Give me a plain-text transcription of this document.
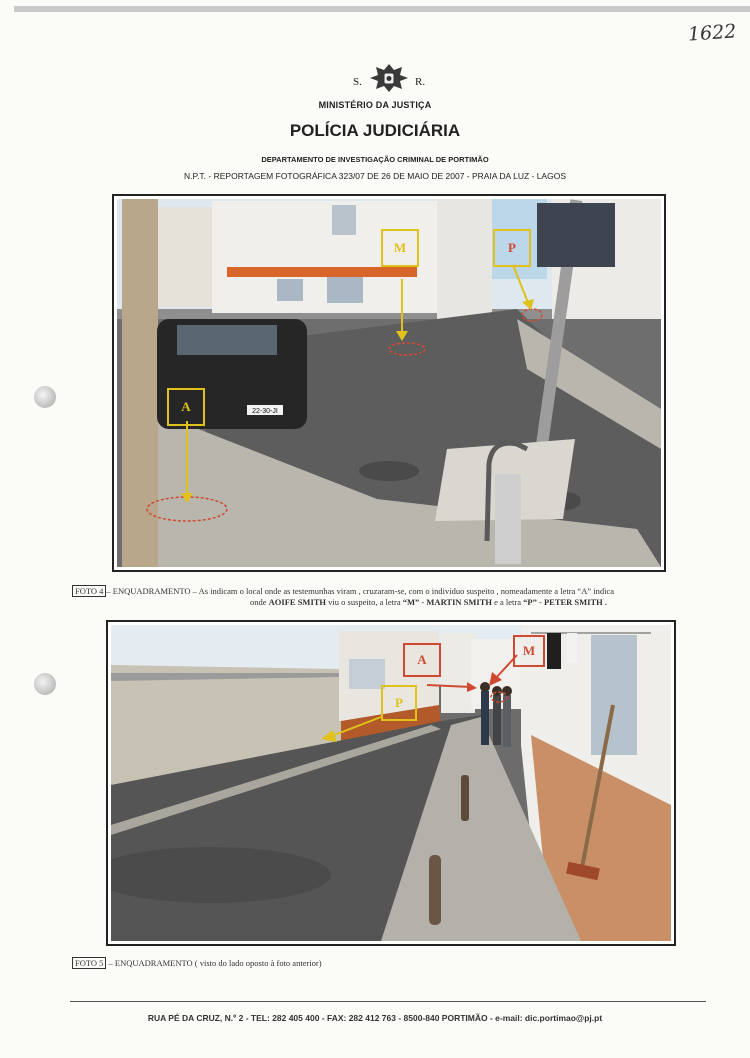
1622
S.	R.
MINISTÉRIO DA JUSTIÇA
POLÍCIA JUDICIÁRIA
DEPARTAMENTO DE INVESTIGAÇÃO CRIMINAL DE PORTIMÃO
N.P.T. - REPORTAGEM FOTOGRÁFICA 323/07 DE 26 DE MAIO DE 2007 - PRAIA DA LUZ - LAGOS
22-30-JI
A
M	P
FOTO 4 – ENQUADRAMENTO – As indicam o local onde as testemunhas viram , cruzaram-se, com o indivíduo suspeito , nomeadamente a letra “A” indica
onde AOIFE SMITH viu o suspeito, a letra “M” - MARTIN SMITH e a letra “P” - PETER SMITH .
A
M
P
FOTO 5 – ENQUADRAMENTO ( visto do lado oposto à foto anterior)
RUA PÉ DA CRUZ, N.º 2 - TEL: 282 405 400 - FAX: 282 412 763 - 8500-840 PORTIMÃO - e-mail: dic.portimao@pj.pt
